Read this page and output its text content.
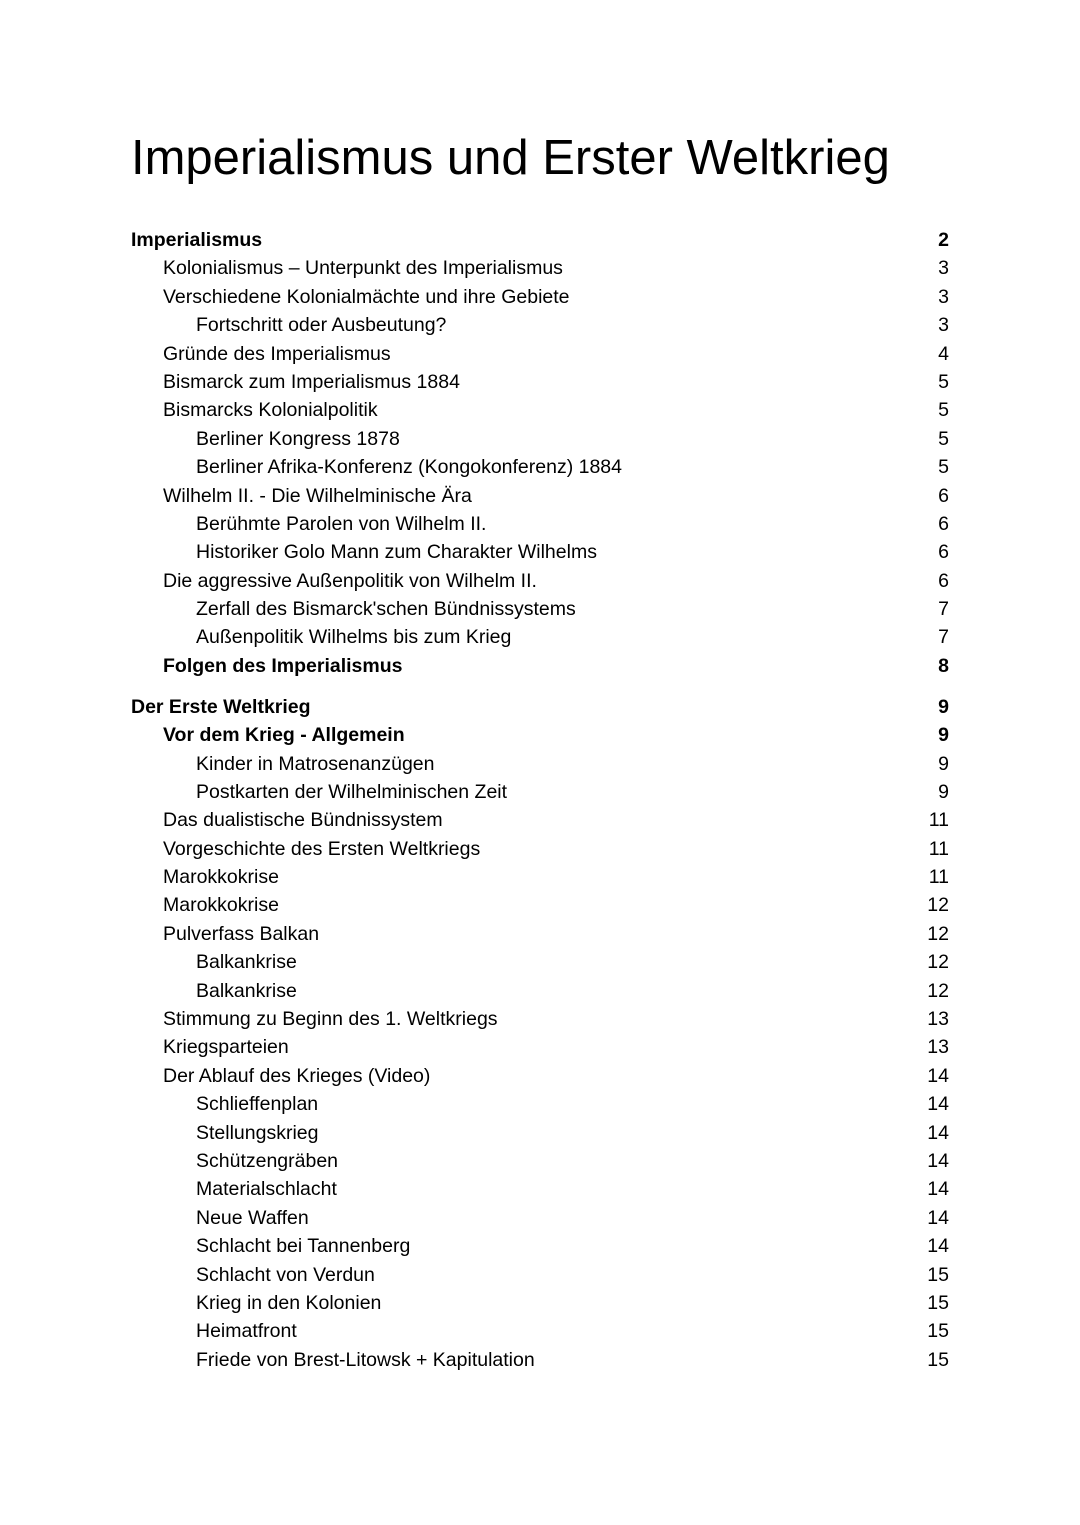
Imperialismus und Erster Weltkrieg
Imperialismus	2
Kolonialismus – Unterpunkt des Imperialismus	3
Verschiedene Kolonialmächte und ihre Gebiete	3
Fortschritt oder Ausbeutung?	3
Gründe des Imperialismus	4
Bismarck zum Imperialismus 1884	5
Bismarcks Kolonialpolitik	5
Berliner Kongress 1878	5
Berliner Afrika-Konferenz (Kongokonferenz) 1884	5
Wilhelm II. - Die Wilhelminische Ära	6
Berühmte Parolen von Wilhelm II.	6
Historiker Golo Mann zum Charakter Wilhelms	6
Die aggressive Außenpolitik von Wilhelm II.	6
Zerfall des Bismarck'schen Bündnissystems	7
Außenpolitik Wilhelms bis zum Krieg	7
Folgen des Imperialismus	8
Der Erste Weltkrieg	9
Vor dem Krieg - Allgemein	9
Kinder in Matrosenanzügen	9
Postkarten der Wilhelminischen Zeit	9
Das dualistische Bündnissystem	11
Vorgeschichte des Ersten Weltkriegs	11
Marokkokrise	11
Marokkokrise	12
Pulverfass Balkan	12
Balkankrise	12
Balkankrise	12
Stimmung zu Beginn des 1. Weltkriegs	13
Kriegsparteien	13
Der Ablauf des Krieges (Video)	14
Schlieffenplan	14
Stellungskrieg	14
Schützengräben	14
Materialschlacht	14
Neue Waffen	14
Schlacht bei Tannenberg	14
Schlacht von Verdun	15
Krieg in den Kolonien	15
Heimatfront	15
Friede von Brest-Litowsk + Kapitulation	15
